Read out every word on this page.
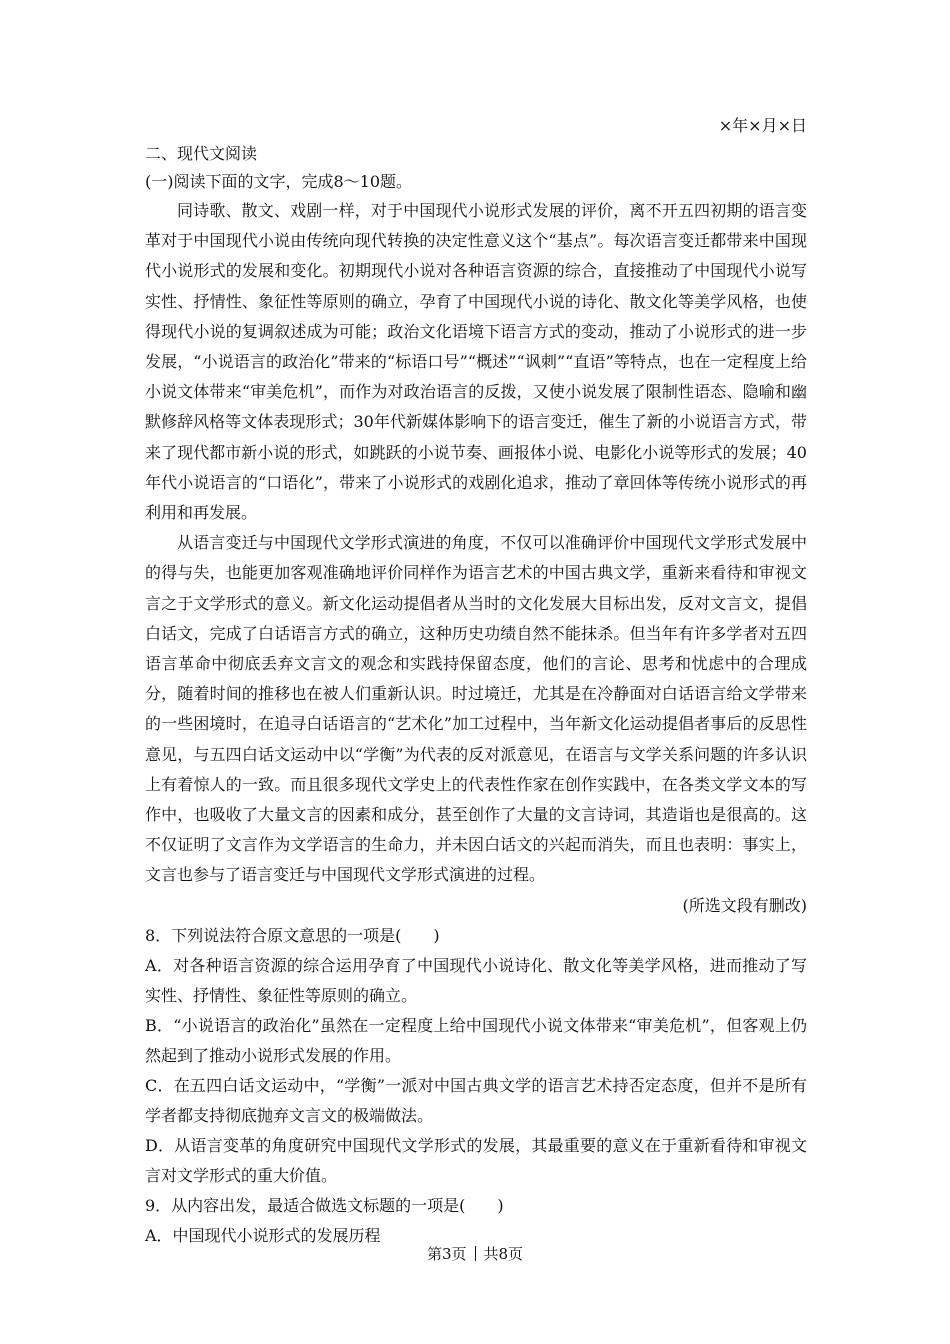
×年×月×日

二、现代文阅读

(一)阅读下面的文字，完成8～10题。

同诗歌、散文、戏剧一样，对于中国现代小说形式发展的评价，离不开五四初期的语言变革对于中国现代小说由传统向现代转换的决定性意义这个“基点”。每次语言变迁都带来中国现代小说形式的发展和变化。初期现代小说对各种语言资源的综合，直接推动了中国现代小说写实性、抒情性、象征性等原则的确立，孕育了中国现代小说的诗化、散文化等美学风格，也使得现代小说的复调叙述成为可能；政治文化语境下语言方式的变动，推动了小说形式的进一步发展，“小说语言的政治化”带来的“标语口号”“概述”“讽刺”“直语”等特点，也在一定程度上给小说文体带来“审美危机”，而作为对政治语言的反拨，又使小说发展了限制性语态、隐喻和幽默修辞风格等文体表现形式；30年代新媒体影响下的语言变迁，催生了新的小说语言方式，带来了现代都市新小说的形式，如跳跃的小说节奏、画报体小说、电影化小说等形式的发展；40年代小说语言的“口语化”，带来了小说形式的戏剧化追求，推动了章回体等传统小说形式的再利用和再发展。

从语言变迁与中国现代文学形式演进的角度，不仅可以准确评价中国现代文学形式发展中的得与失，也能更加客观准确地评价同样作为语言艺术的中国古典文学，重新来看待和审视文言之于文学形式的意义。新文化运动提倡者从当时的文化发展大目标出发，反对文言文，提倡白话文，完成了白话语言方式的确立，这种历史功绩自然不能抹杀。但当年有许多学者对五四语言革命中彻底丢弃文言文的观念和实践持保留态度，他们的言论、思考和忧虑中的合理成分，随着时间的推移也在被人们重新认识。时过境迁，尤其是在冷静面对白话语言给文学带来的一些困境时，在追寻白话语言的“艺术化”加工过程中，当年新文化运动提倡者事后的反思性意见，与五四白话文运动中以“学衡”为代表的反对派意见，在语言与文学关系问题的许多认识上有着惊人的一致。而且很多现代文学史上的代表性作家在创作实践中，在各类文学文本的写作中，也吸收了大量文言的因素和成分，甚至创作了大量的文言诗词，其造诣也是很高的。这不仅证明了文言作为文学语言的生命力，并未因白话文的兴起而消失，而且也表明：事实上，文言也参与了语言变迁与中国现代文学形式演进的过程。

(所选文段有删改)

8．下列说法符合原文意思的一项是(　　)

A．对各种语言资源的综合运用孕育了中国现代小说诗化、散文化等美学风格，进而推动了写实性、抒情性、象征性等原则的确立。

B．“小说语言的政治化”虽然在一定程度上给中国现代小说文体带来“审美危机”，但客观上仍然起到了推动小说形式发展的作用。

C．在五四白话文运动中，“学衡”一派对中国古典文学的语言艺术持否定态度，但并不是所有学者都支持彻底抛弃文言文的极端做法。

D．从语言变革的角度研究中国现代文学形式的发展，其最重要的意义在于重新看待和审视文言对文学形式的重大价值。

9．从内容出发，最适合做选文标题的一项是(　　)

A．中国现代小说形式的发展历程

第3页 共8页
